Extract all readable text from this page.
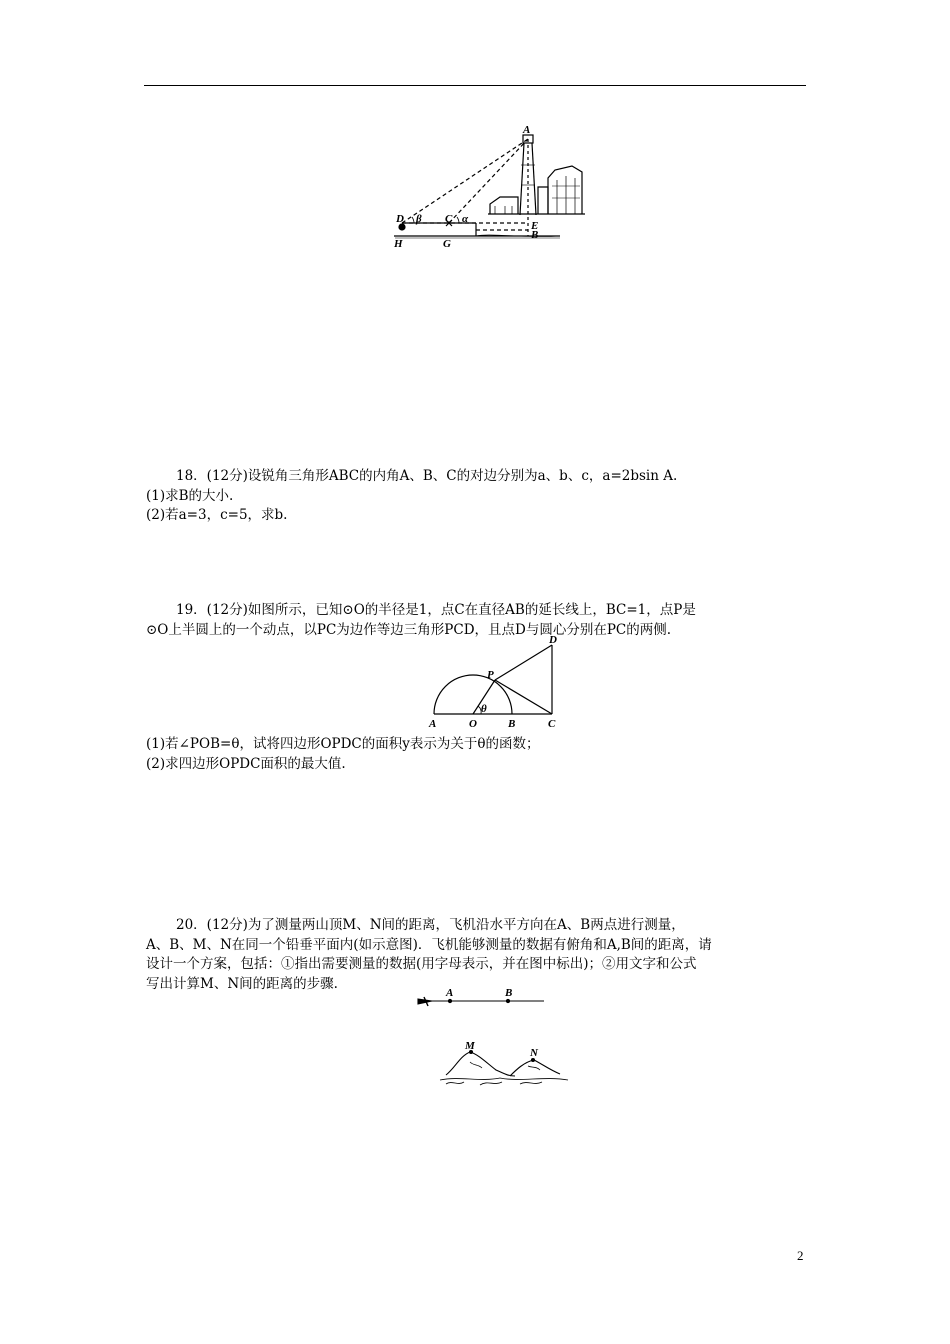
A
D β C α
E
B
H	G
18．(12分)设锐角三角形ABC的内角A、B、C的对边分别为a、b、c，a=2bsin A.
(1)求B的大小.
(2)若a=3，c=5，求b.
19．(12分)如图所示，已知⊙O的半径是1，点C在直径AB的延长线上，BC=1，点P是
⊙O上半圆上的一个动点，以PC为边作等边三角形PCD，且点D与圆心分别在PC的两侧.
A	O	B	C
P
D
θ
(1)若∠POB=θ，试将四边形OPDC的面积y表示为关于θ的函数；
(2)求四边形OPDC面积的最大值.
20．(12分)为了测量两山顶M、N间的距离，飞机沿水平方向在A、B两点进行测量，
A、B、M、N在同一个铅垂平面内(如示意图)．飞机能够测量的数据有俯角和A,B间的距离，请
设计一个方案，包括：①指出需要测量的数据(用字母表示，并在图中标出)；②用文字和公式
写出计算M、N间的距离的步骤.
A	B
M
N
2
